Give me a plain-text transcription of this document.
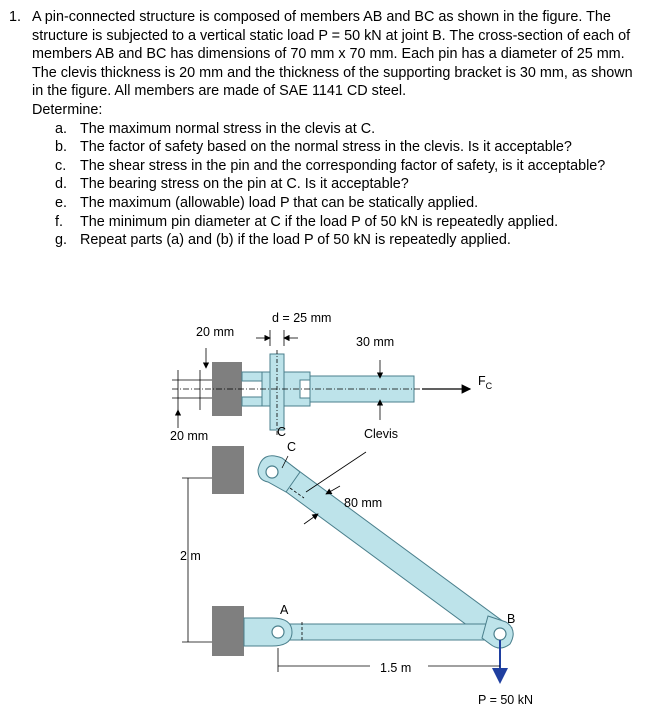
1. A pin-connected structure is composed of members AB and BC as shown in the figure. The structure is subjected to a vertical static load P = 50 kN at joint B. The cross-section of each of members AB and BC has dimensions of 70 mm x 70 mm. Each pin has a diameter of 25 mm. The clevis thickness is 20 mm and the thickness of the supporting bracket is 30 mm, as shown in the figure. All members are made of SAE 1141 CD steel.
Determine:
a. The maximum normal stress in the clevis at C.
b. The factor of safety based on the normal stress in the clevis. Is it acceptable?
c. The shear stress in the pin and the corresponding factor of safety, is it acceptable?
d. The bearing stress on the pin at C. Is it acceptable?
e. The maximum (allowable) load P that can be statically applied.
f.	The minimum pin diameter at C if the load P of 50 kN is repeatedly applied.
g. Repeat parts (a) and (b) if the load P of 50 kN is repeatedly applied.
d = 25 mm
20 mm
30 mm
$F_C$
20 mm	C
C
Clevis
80 mm
2 m
A
B
1.5 m
P = 50 kN
